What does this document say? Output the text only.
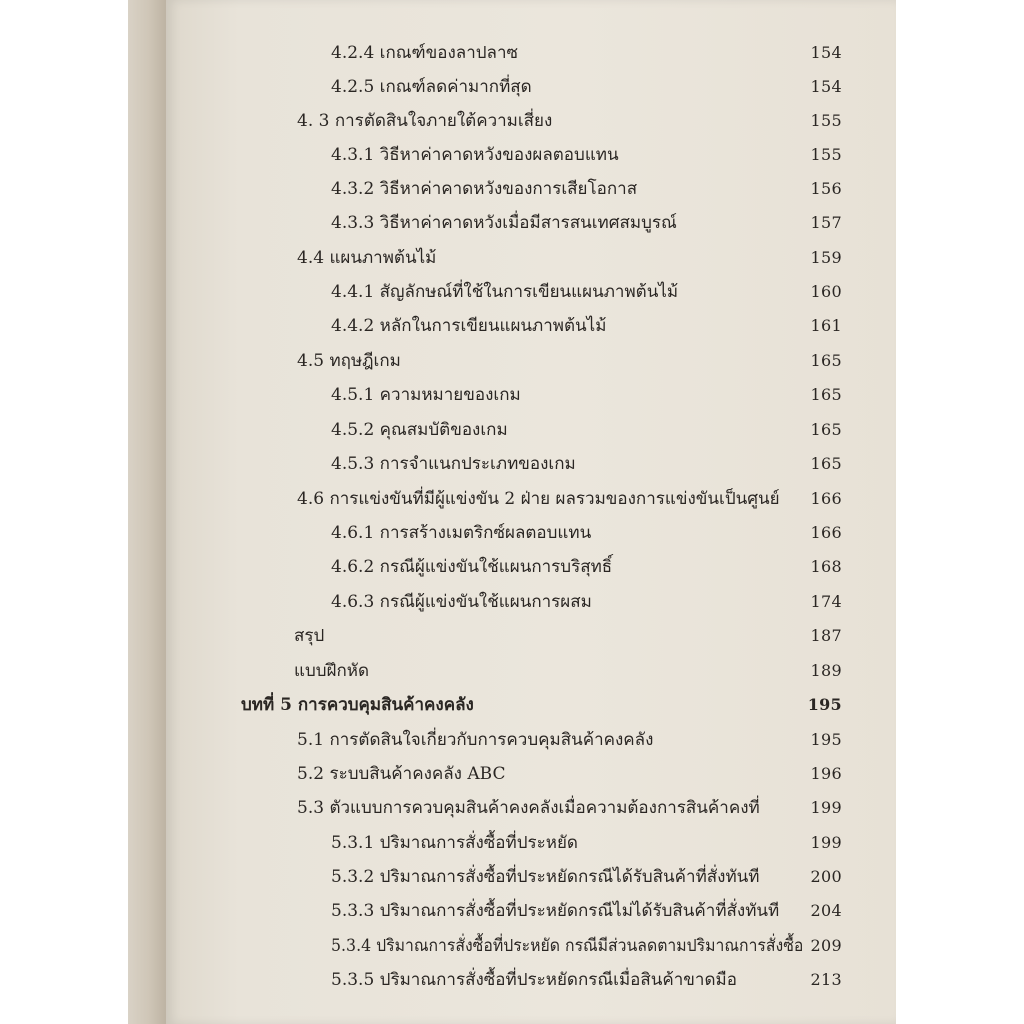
4.2.4 เกณฑ์ของลาปลาซ	154
4.2.5 เกณฑ์ลดค่ามากที่สุด	154
4. 3 การตัดสินใจภายใต้ความเสี่ยง	155
4.3.1 วิธีหาค่าคาดหวังของผลตอบแทน	155
4.3.2 วิธีหาค่าคาดหวังของการเสียโอกาส	156
4.3.3 วิธีหาค่าคาดหวังเมื่อมีสารสนเทศสมบูรณ์	157
4.4 แผนภาพต้นไม้	159
4.4.1 สัญลักษณ์ที่ใช้ในการเขียนแผนภาพต้นไม้	160
4.4.2 หลักในการเขียนแผนภาพต้นไม้	161
4.5 ทฤษฎีเกม	165
4.5.1 ความหมายของเกม	165
4.5.2 คุณสมบัติของเกม	165
4.5.3 การจำแนกประเภทของเกม	165
4.6 การแข่งขันที่มีผู้แข่งขัน 2 ฝ่าย ผลรวมของการแข่งขันเป็นศูนย์ 166
4.6.1 การสร้างเมตริกซ์ผลตอบแทน	166
4.6.2 กรณีผู้แข่งขันใช้แผนการบริสุทธิ์	168
4.6.3 กรณีผู้แข่งขันใช้แผนการผสม	174
สรุป	187
แบบฝึกหัด	189
บทที่ 5 การควบคุมสินค้าคงคลัง	195
5.1 การตัดสินใจเกี่ยวกับการควบคุมสินค้าคงคลัง	195
5.2 ระบบสินค้าคงคลัง ABC	196
5.3 ตัวแบบการควบคุมสินค้าคงคลังเมื่อความต้องการสินค้าคงที่	199
5.3.1 ปริมาณการสั่งซื้อที่ประหยัด	199
5.3.2 ปริมาณการสั่งซื้อที่ประหยัดกรณีได้รับสินค้าที่สั่งทันที	200
5.3.3 ปริมาณการสั่งซื้อที่ประหยัดกรณีไม่ได้รับสินค้าที่สั่งทันที 204
5.3.4 ปริมาณการสั่งซื้อที่ประหยัด กรณีมีส่วนลดตามปริมาณการสั่งซื้อ 209
5.3.5 ปริมาณการสั่งซื้อที่ประหยัดกรณีเมื่อสินค้าขาดมือ	213
